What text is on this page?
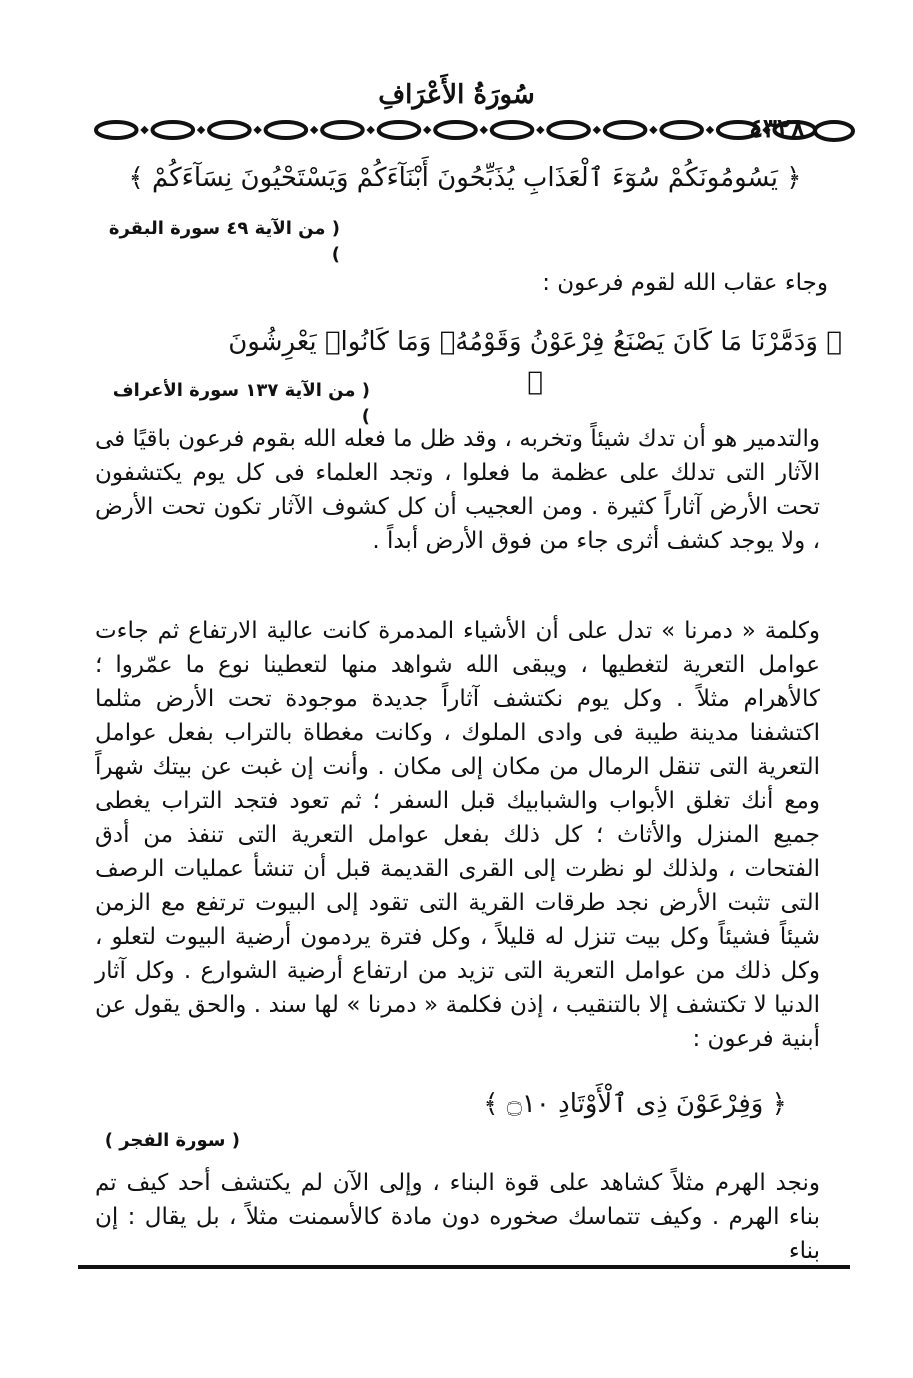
سُورَةُ الأَعْرَافِ
٤٣٢٨
﴿ يَسُومُونَكُمْ سُوٓءَ ٱلْعَذَابِ يُذَبِّحُونَ أَبْنَآءَكُمْ وَيَسْتَحْيُونَ نِسَآءَكُمْ ﴾
( من الآية ٤٩ سورة البقرة )
وجاء عقاب الله لقوم فرعون :
﴿ وَدَمَّرْنَا مَا كَانَ يَصْنَعُ فِرْعَوْنُ وَقَوْمُهُۥ وَمَا كَانُوا۟ يَعْرِشُونَ ﴾
( من الآية ١٣٧ سورة الأعراف )

والتدمير هو أن تدك شيئاً وتخربه ، وقد ظل ما فعله الله بقوم فرعون باقيًا فى الآثار التى تدلك على عظمة ما فعلوا ، وتجد العلماء فى كل يوم يكتشفون تحت الأرض آثاراً كثيرة . ومن العجيب أن كل كشوف الآثار تكون تحت الأرض ، ولا يوجد كشف أثرى جاء من فوق الأرض أبداً .

وكلمة « دمرنا » تدل على أن الأشياء المدمرة كانت عالية الارتفاع ثم جاءت عوامل التعرية لتغطيها ، ويبقى الله شواهد منها لتعطينا نوع ما عمّروا ؛ كالأهرام مثلاً . وكل يوم نكتشف آثاراً جديدة موجودة تحت الأرض مثلما اكتشفنا مدينة طيبة فى وادى الملوك ، وكانت مغطاة بالتراب بفعل عوامل التعرية التى تنقل الرمال من مكان إلى مكان . وأنت إن غبت عن بيتك شهراً ومع أنك تغلق الأبواب والشبابيك قبل السفر ؛ ثم تعود فتجد التراب يغطى جميع المنزل والأثاث ؛ كل ذلك بفعل عوامل التعرية التى تنفذ من أدق الفتحات ، ولذلك لو نظرت إلى القرى القديمة قبل أن تنشأ عمليات الرصف التى تثبت الأرض نجد طرقات القرية التى تقود إلى البيوت ترتفع مع الزمن شيئاً فشيئاً وكل بيت تنزل له قليلاً ، وكل فترة يردمون أرضية البيوت لتعلو ، وكل ذلك من عوامل التعرية التى تزيد من ارتفاع أرضية الشوارع . وكل آثار الدنيا لا تكتشف إلا بالتنقيب ، إذن فكلمة « دمرنا » لها سند . والحق يقول عن أبنية فرعون :

﴿ وَفِرْعَوْنَ ذِى ٱلْأَوْتَادِ ۝١٠ ﴾
( سورة الفجر )

ونجد الهرم مثلاً كشاهد على قوة البناء ، وإلى الآن لم يكتشف أحد كيف تم بناء الهرم . وكيف تتماسك صخوره دون مادة كالأسمنت مثلاً ، بل يقال : إن بناء
